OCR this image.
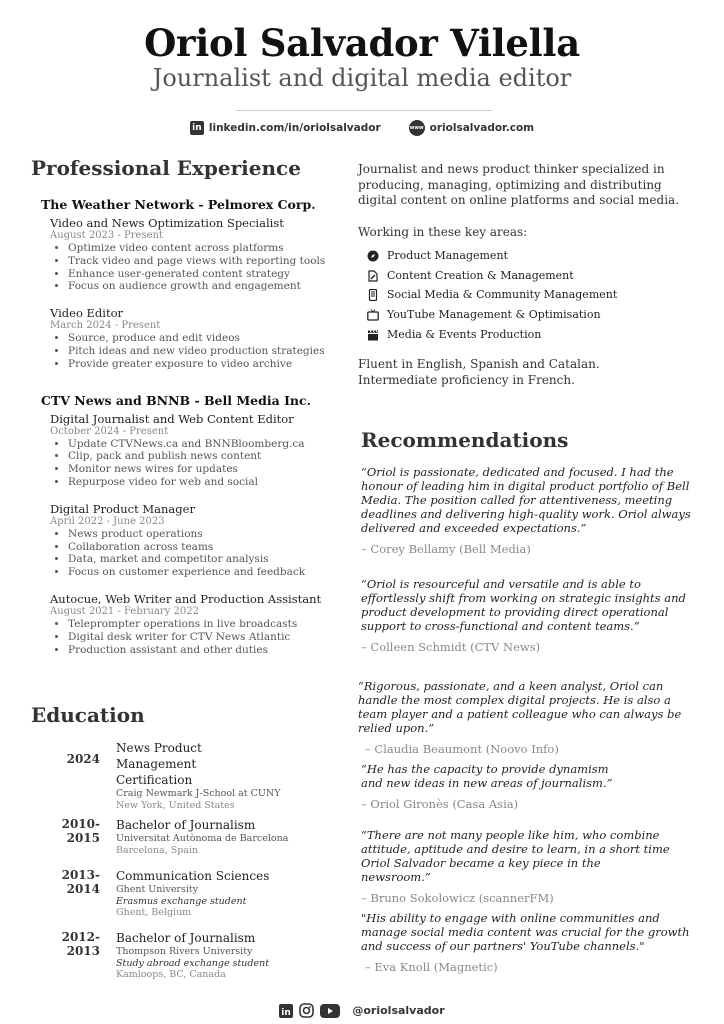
Oriol Salvador Vilella
Journalist and digital media editor
in linkedin.com/in/oriolsalvador	www oriolsalvador.com
Professional Experience
The Weather Network - Pelmorex Corp.
Video and News Optimization Specialist
August 2023 - Present
• Optimize video content across platforms
• Track video and page views with reporting tools
• Enhance user-generated content strategy
• Focus on audience growth and engagement
Video Editor
March 2024 - Present
• Source, produce and edit videos
• Pitch ideas and new video production strategies
• Provide greater exposure to video archive
CTV News and BNNB - Bell Media Inc.
Digital Journalist and Web Content Editor
October 2024 - Present
• Update CTVNews.ca and BNNBloomberg.ca
• Clip, pack and publish news content
• Monitor news wires for updates
• Repurpose video for web and social
Digital Product Manager
April 2022 - June 2023
• News product operations
• Collaboration across teams
• Data, market and competitor analysis
• Focus on customer experience and feedback
Autocue, Web Writer and Production Assistant
August 2021 - February 2022
• Teleprompter operations in live broadcasts
• Digital desk writer for CTV News Atlantic
• Production assistant and other duties
Education
2024
News Product Management Certification
Craig Newmark J-School at CUNY
New York, United States
2010-2015
Bachelor of Journalism
Universitat Autònoma de Barcelona
Barcelona, Spain
2013-2014
Communication Sciences
Ghent University
Erasmus exchange student
Ghent, Belgium
2012-2013
Bachelor of Journalism
Thompson Rivers University
Study abroad exchange student
Kamloops, BC, Canada

Journalist and news product thinker specialized in producing, managing, optimizing and distributing digital content on online platforms and social media.

Working in these key areas:

Product Management
Content Creation & Management
Social Media & Community Management
YouTube Management & Optimisation
Media & Events Production

Fluent in English, Spanish and Catalan. Intermediate proficiency in French.

Recommendations
“Oriol is passionate, dedicated and focused. I had the honour of leading him in digital product portfolio of Bell Media. The position called for attentiveness, meeting deadlines and delivering high-quality work. Oriol always delivered and exceeded expectations.”
– Corey Bellamy (Bell Media)
“Oriol is resourceful and versatile and is able to effortlessly shift from working on strategic insights and product development to providing direct operational support to cross-functional and content teams.”
– Colleen Schmidt (CTV News)
“Rigorous, passionate, and a keen analyst, Oriol can handle the most complex digital projects. He is also a team player and a patient colleague who can always be relied upon.”
– Claudia Beaumont (Noovo Info)
“He has the capacity to provide dynamism and new ideas in new areas of journalism.”
– Oriol Gironès (Casa Asia)
“There are not many people like him, who combine attitude, aptitude and desire to learn, in a short time Oriol Salvador became a key piece in the newsroom.”
– Bruno Sokolowicz (scannerFM)
"His ability to engage with online communities and manage social media content was crucial for the growth and success of our partners' YouTube channels."
– Eva Knoll (Magnetic)
in	@oriolsalvador
